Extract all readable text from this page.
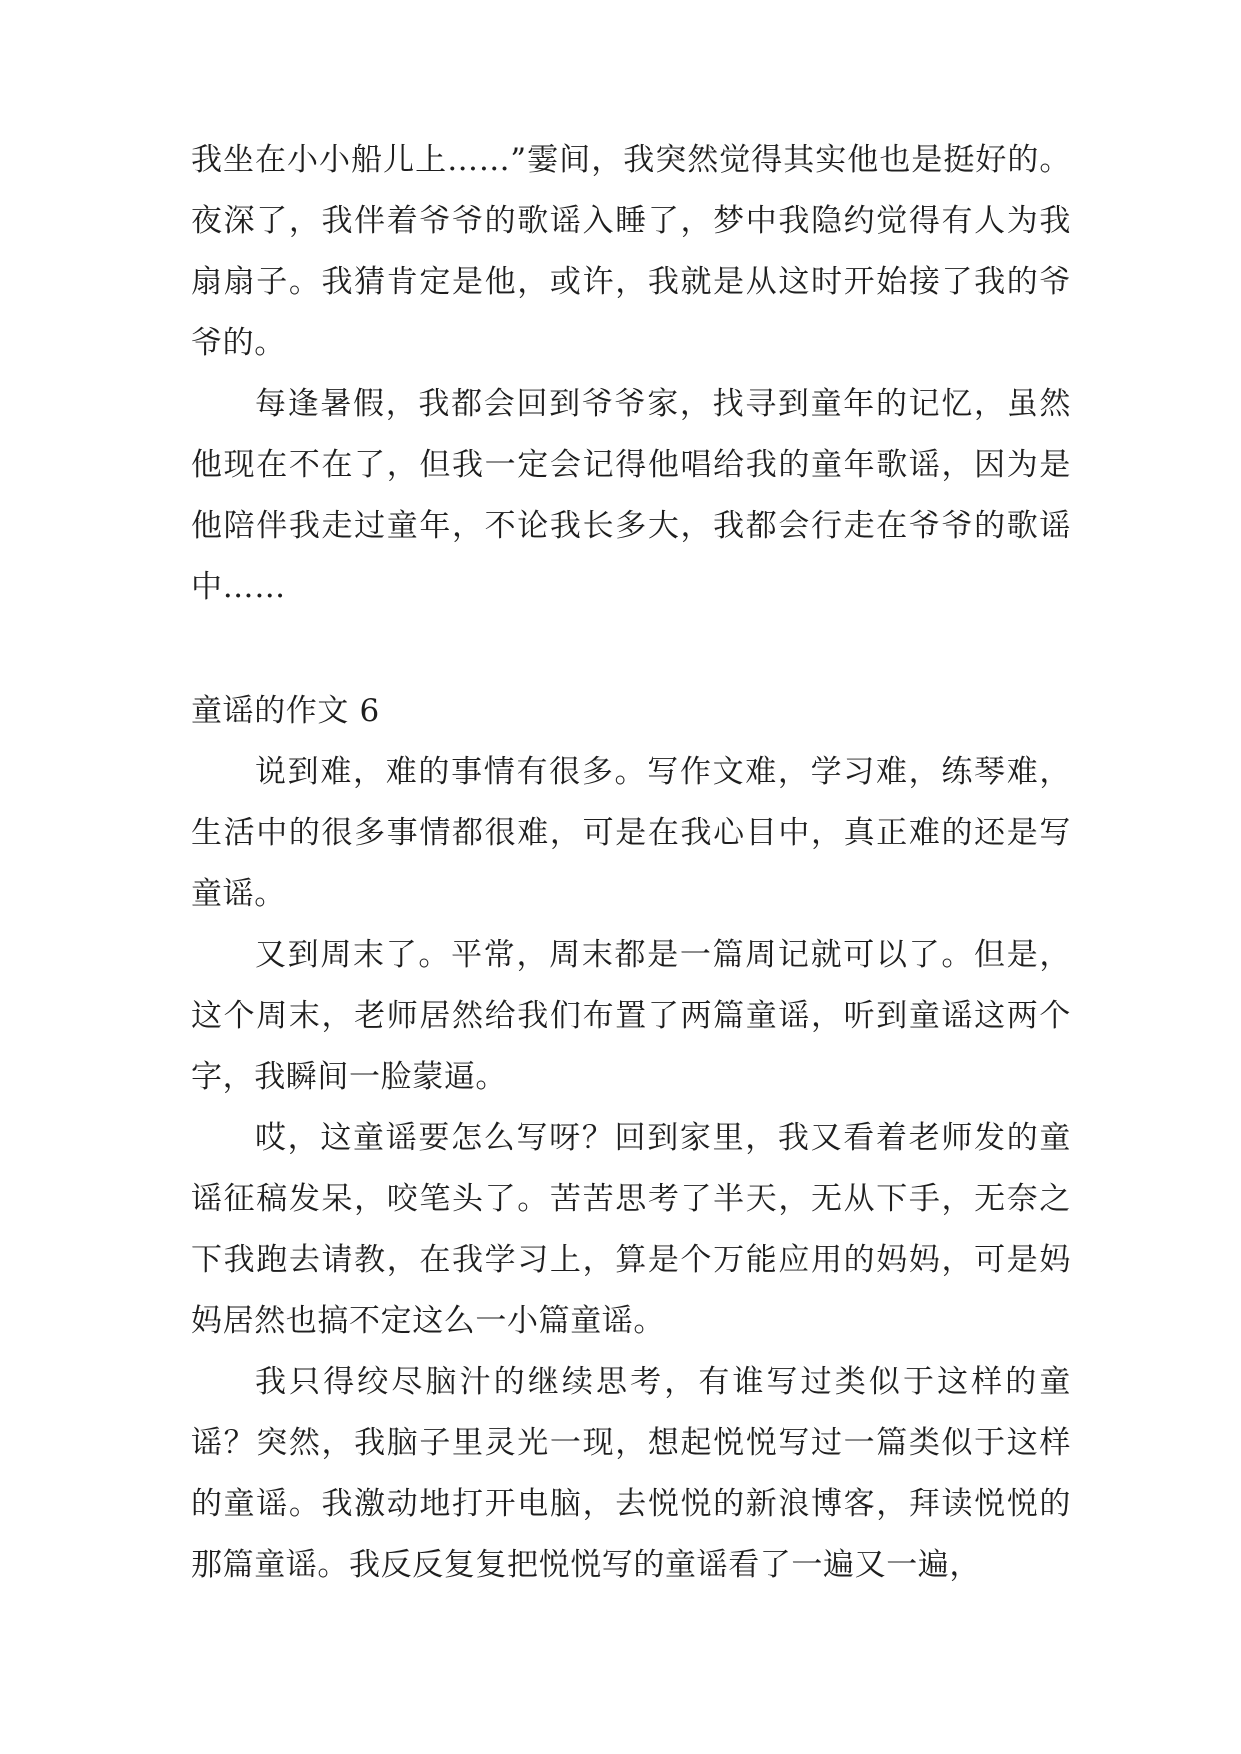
我坐在小小船儿上……”霎间，我突然觉得其实他也是挺好的。夜深了，我伴着爷爷的歌谣入睡了，梦中我隐约觉得有人为我扇扇子。我猜肯定是他，或许，我就是从这时开始接了我的爷爷的。

每逢暑假，我都会回到爷爷家，找寻到童年的记忆，虽然他现在不在了，但我一定会记得他唱给我的童年歌谣，因为是他陪伴我走过童年，不论我长多大，我都会行走在爷爷的歌谣中……

童谣的作文 6

说到难，难的事情有很多。写作文难，学习难，练琴难，生活中的很多事情都很难，可是在我心目中，真正难的还是写童谣。

又到周末了。平常，周末都是一篇周记就可以了。但是，这个周末，老师居然给我们布置了两篇童谣，听到童谣这两个字，我瞬间一脸蒙逼。

哎，这童谣要怎么写呀？回到家里，我又看着老师发的童谣征稿发呆，咬笔头了。苦苦思考了半天，无从下手，无奈之下我跑去请教，在我学习上，算是个万能应用的妈妈，可是妈妈居然也搞不定这么一小篇童谣。

我只得绞尽脑汁的继续思考，有谁写过类似于这样的童谣？突然，我脑子里灵光一现，想起悦悦写过一篇类似于这样的童谣。我激动地打开电脑，去悦悦的新浪博客，拜读悦悦的那篇童谣。我反反复复把悦悦写的童谣看了一遍又一遍，
